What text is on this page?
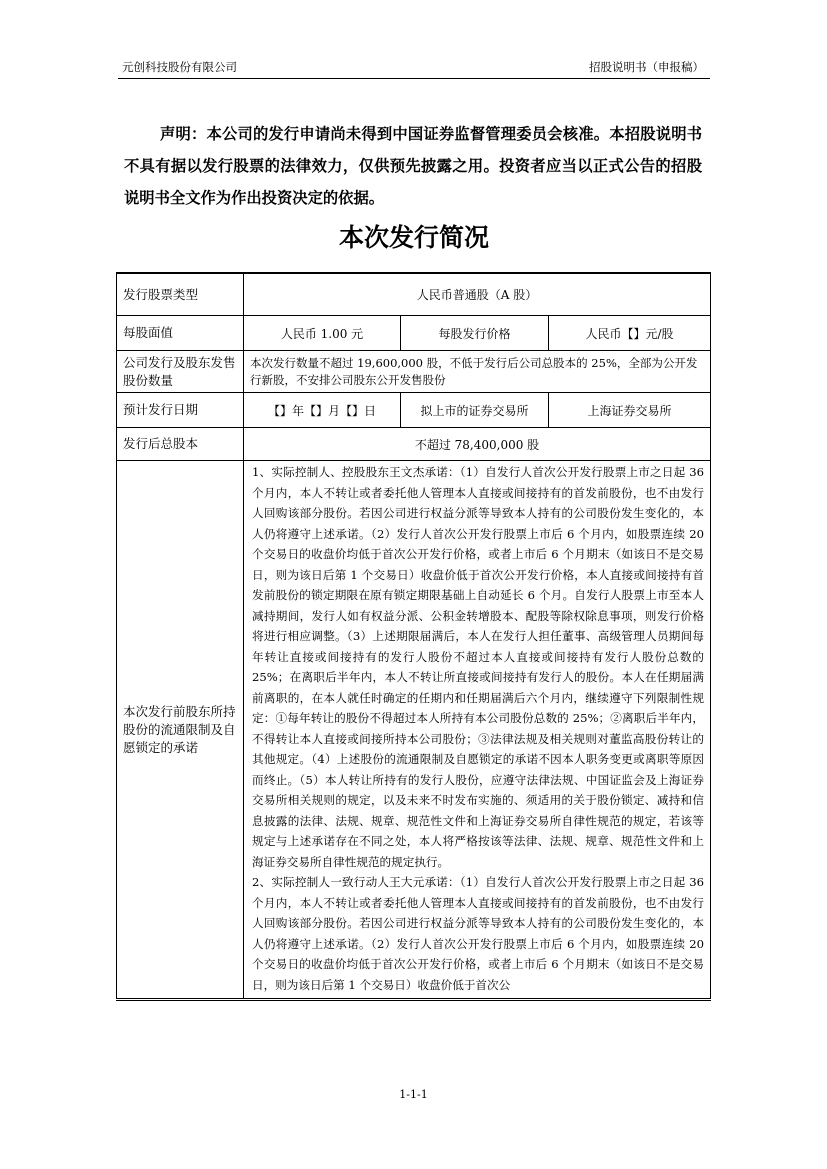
元创科技股份有限公司	招股说明书（申报稿）
声明：本公司的发行申请尚未得到中国证券监督管理委员会核准。本招股说明书不具有据以发行股票的法律效力，仅供预先披露之用。投资者应当以正式公告的招股说明书全文作为作出投资决定的依据。
本次发行简况
发行股票类型	人民币普通股（A 股）		
每股面值	人民币 1.00 元	每股发行价格	人民币【】元/股
公司发行及股东发售股份数量	本次发行数量不超过 19,600,000 股，不低于发行后公司总股本的 25%，全部为公开发行新股，不安排公司股东公开发售股份		
预计发行日期	【】年【】月【】日	拟上市的证券交易所	上海证券交易所
发行后总股本	不超过 78,400,000 股		
本次发行前股东所持股份的流通限制及自愿锁定的承诺	1、实际控制人、控股股东王文杰承诺：（1）自发行人首次公开发行股票上市之日起 36 个月内，本人不转让或者委托他人管理本人直接或间接持有的首发前股份，也不由发行人回购该部分股份。若因公司进行权益分派等导致本人持有的公司股份发生变化的，本人仍将遵守上述承诺。（2）发行人首次公开发行股票上市后 6 个月内，如股票连续 20 个交易日的收盘价均低于首次公开发行价格，或者上市后 6 个月期末（如该日不是交易日，则为该日后第 1 个交易日）收盘价低于首次公开发行价格，本人直接或间接持有首发前股份的锁定期限在原有锁定期限基础上自动延长 6 个月。自发行人股票上市至本人减持期间，发行人如有权益分派、公积金转增股本、配股等除权除息事项，则发行价格将进行相应调整。（3）上述期限届满后，本人在发行人担任董事、高级管理人员期间每年转让直接或间接持有的发行人股份不超过本人直接或间接持有发行人股份总数的 25%；在离职后半年内，本人不转让所直接或间接持有发行人的股份。本人在任期届满前离职的，在本人就任时确定的任期内和任期届满后六个月内，继续遵守下列限制性规定：①每年转让的股份不得超过本人所持有本公司股份总数的 25%；②离职后半年内，不得转让本人直接或间接所持本公司股份；③法律法规及相关规则对董监高股份转让的其他规定。（4）上述股份的流通限制及自愿锁定的承诺不因本人职务变更或离职等原因而终止。（5）本人转让所持有的发行人股份，应遵守法律法规、中国证监会及上海证券交易所相关规则的规定，以及未来不时发布实施的、须适用的关于股份锁定、减持和信息披露的法律、法规、规章、规范性文件和上海证券交易所自律性规范的规定，若该等规定与上述承诺存在不同之处，本人将严格按该等法律、法规、规章、规范性文件和上海证券交易所自律性规范的规定执行。

2、实际控制人一致行动人王大元承诺：（1）自发行人首次公开发行股票上市之日起 36 个月内，本人不转让或者委托他人管理本人直接或间接持有的首发前股份，也不由发行人回购该部分股份。若因公司进行权益分派等导致本人持有的公司股份发生变化的，本人仍将遵守上述承诺。（2）发行人首次公开发行股票上市后 6 个月内，如股票连续 20 个交易日的收盘价均低于首次公开发行价格，或者上市后 6 个月期末（如该日不是交易日，则为该日后第 1 个交易日）收盘价低于首次公		

1-1-1
